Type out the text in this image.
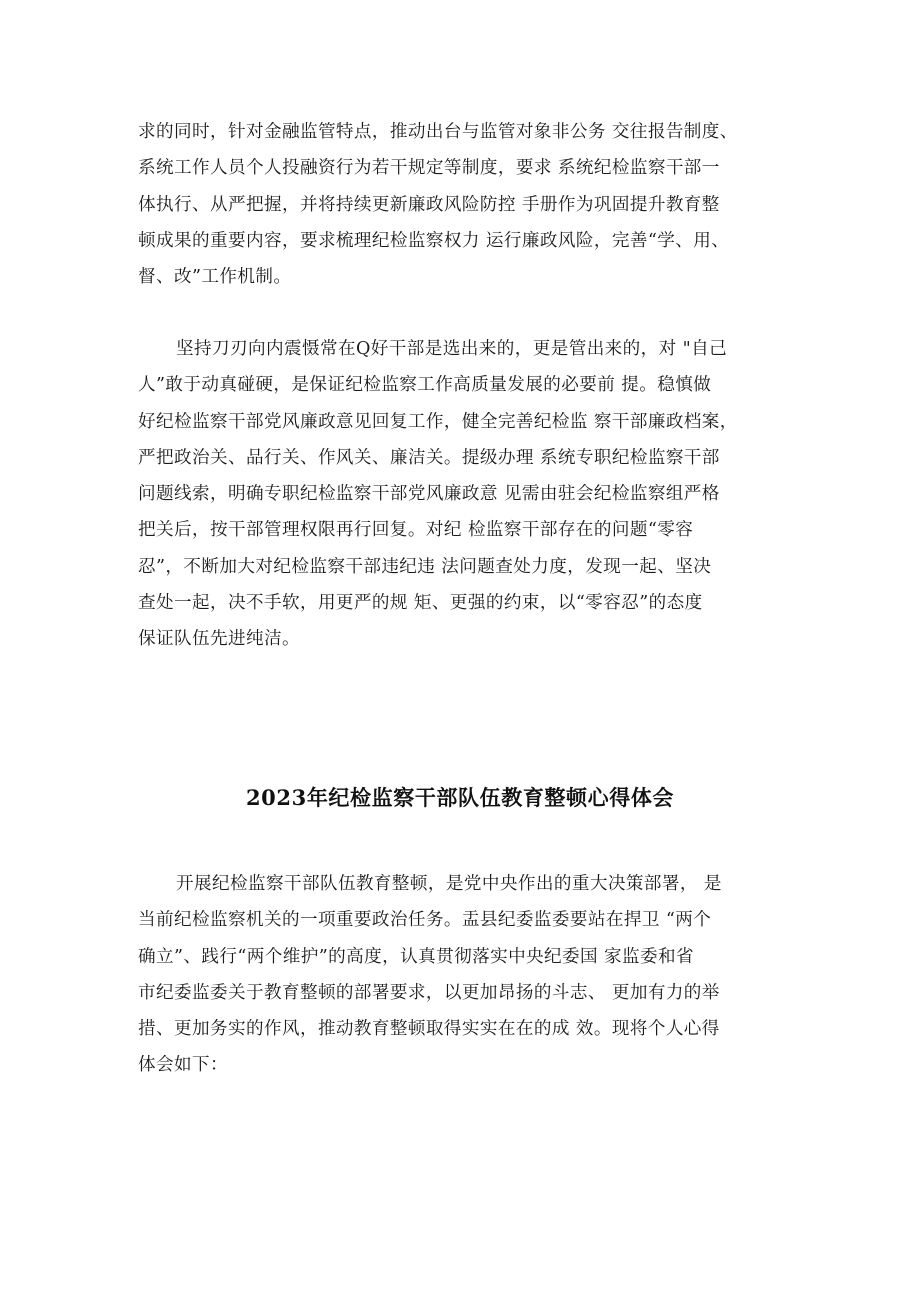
求的同时，针对金融监管特点，推动出台与监管对象非公务 交往报告制度、
系统工作人员个人投融资行为若干规定等制度，要求 系统纪检监察干部一
体执行、从严把握，并将持续更新廉政风险防控 手册作为巩固提升教育整
顿成果的重要内容，要求梳理纪检监察权力 运行廉政风险，完善“学、用、
督、改”工作机制。
坚持刀刃向内震慑常在Q好干部是选出来的，更是管出来的，对 "自己
人”敢于动真碰硬，是保证纪检监察工作高质量发展的必要前 提。稳慎做
好纪检监察干部党风廉政意见回复工作，健全完善纪检监 察干部廉政档案，
严把政治关、品行关、作风关、廉洁关。提级办理 系统专职纪检监察干部
问题线索，明确专职纪检监察干部党风廉政意 见需由驻会纪检监察组严格
把关后，按干部管理权限再行回复。对纪 检监察干部存在的问题“零容
忍”，不断加大对纪检监察干部违纪违 法问题查处力度，发现一起、坚决
查处一起，决不手软，用更严的规 矩、更强的约束，以“零容忍”的态度
保证队伍先进纯洁。
2023年纪检监察干部队伍教育整顿心得体会
开展纪检监察干部队伍教育整顿，是党中央作出的重大决策部署， 是
当前纪检监察机关的一项重要政治任务。盂县纪委监委要站在捍卫 “两个
确立”、践行“两个维护”的高度，认真贯彻落实中央纪委国 家监委和省
市纪委监委关于教育整顿的部署要求，以更加昂扬的斗志、 更加有力的举
措、更加务实的作风，推动教育整顿取得实实在在的成 效。现将个人心得
体会如下：
